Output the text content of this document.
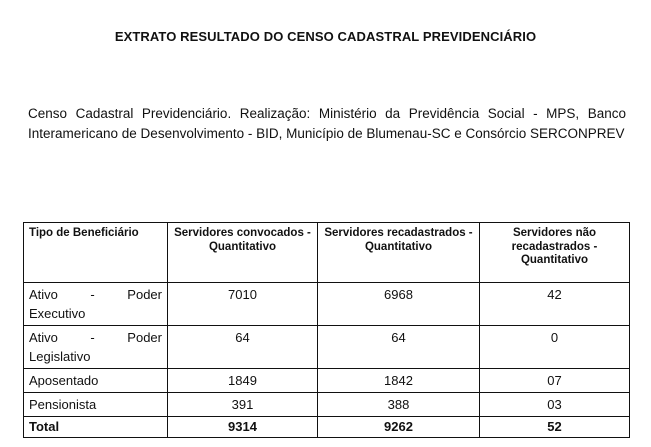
EXTRATO RESULTADO DO CENSO CADASTRAL PREVIDENCIÁRIO

Censo Cadastral Previdenciário. Realização: Ministério da Previdência Social - MPS, Banco Interamericano de Desenvolvimento - BID, Município de Blumenau-SC e Consórcio SERCONPREV

Tipo de Beneficiário	Servidores convocados - Quantitativo	Servidores recadastrados - Quantitativo	Servidores não recadastrados - Quantitativo
Ativo - Poder Executivo	7010	6968	42
Ativo - Poder Legislativo	64	64	0
Aposentado	1849	1842	07
Pensionista	391	388	03
Total	9314	9262	52
